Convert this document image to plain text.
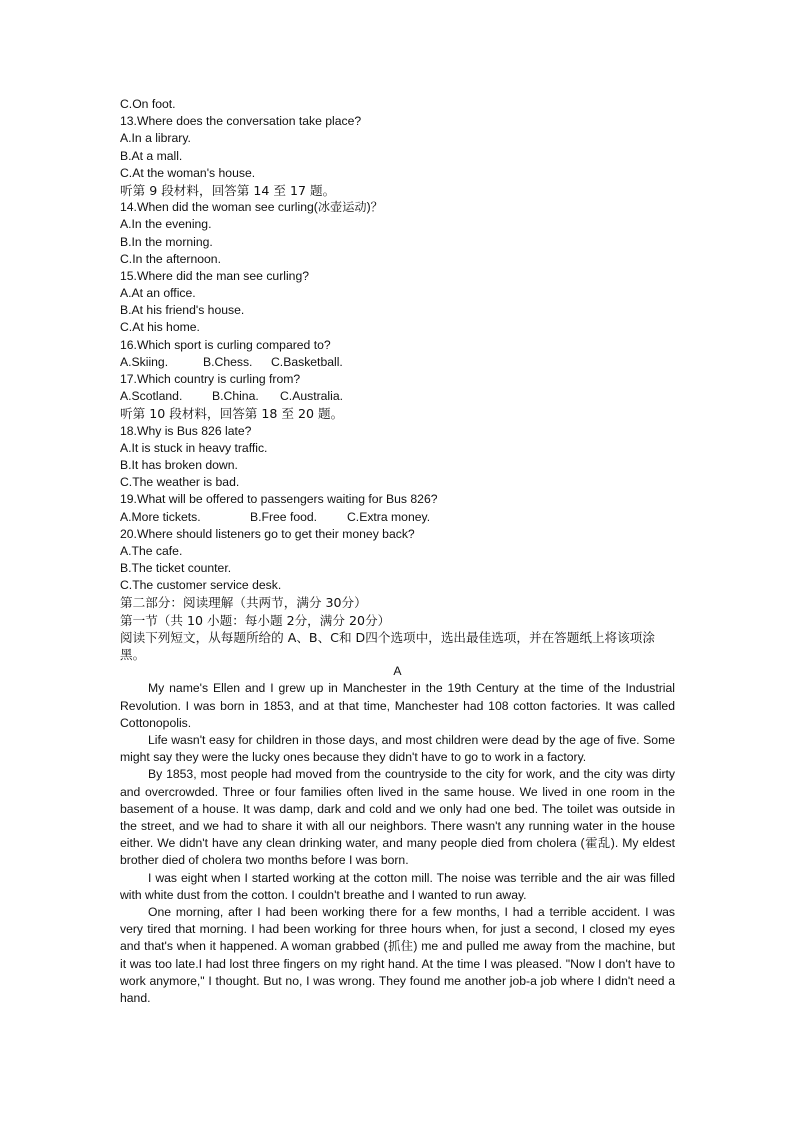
C.On foot.
13.Where does the conversation take place?
A.In a library.
B.At a mall.
C.At the woman's house.
听第 9 段材料，回答第 14 至 17 题。
14.When did the woman see curling(冰壶运动)？
A.In the evening.
B.In the morning.
C.In the afternoon.
15.Where did the man see curling?
A.At an office.
B.At his friend's house.
C.At his home.
16.Which sport is curling compared to?
A.Skiing.	B.Chess. C.Basketball.
17.Which country is curling from?
A.Scotland. B.China. C.Australia.
听第 10 段材料，回答第 18 至 20 题。
18.Why is Bus 826 late?
A.It is stuck in heavy traffic.
B.It has broken down.
C.The weather is bad.
19.What will be offered to passengers waiting for Bus 826?
A.More tickets.	B.Free food. C.Extra money.
20.Where should listeners go to get their money back?
A.The cafe.
B.The ticket counter.
C.The customer service desk.
第二部分：阅读理解（共两节，满分 30分）
第一节（共 10 小题：每小题 2分，满分 20分）
阅读下列短文，从每题所给的 A、B、C和 D四个选项中，选出最佳选项，并在答题纸上将该项涂黑。
A

My name's Ellen and I grew up in Manchester in the 19th Century at the time of the Industrial Revolution. I was born in 1853, and at that time, Manchester had 108 cotton factories. It was called Cottonopolis.

Life wasn't easy for children in those days, and most children were dead by the age of five. Some might say they were the lucky ones because they didn't have to go to work in a factory.

By 1853, most people had moved from the countryside to the city for work, and the city was dirty and overcrowded. Three or four families often lived in the same house. We lived in one room in the basement of a house. It was damp, dark and cold and we only had one bed. The toilet was outside in the street, and we had to share it with all our neighbors. There wasn't any running water in the house either. We didn't have any clean drinking water, and many people died from cholera (霍乱). My eldest brother died of cholera two months before I was born.

I was eight when I started working at the cotton mill. The noise was terrible and the air was filled with white dust from the cotton. I couldn't breathe and I wanted to run away.

One morning, after I had been working there for a few months, I had a terrible accident. I was very tired that morning. I had been working for three hours when, for just a second, I closed my eyes and that's when it happened. A woman grabbed (抓住) me and pulled me away from the machine, but it was too late.I had lost three fingers on my right hand. At the time I was pleased. "Now I don't have to work anymore," I thought. But no, I was wrong. They found me another job-a job where I didn't need a hand.
